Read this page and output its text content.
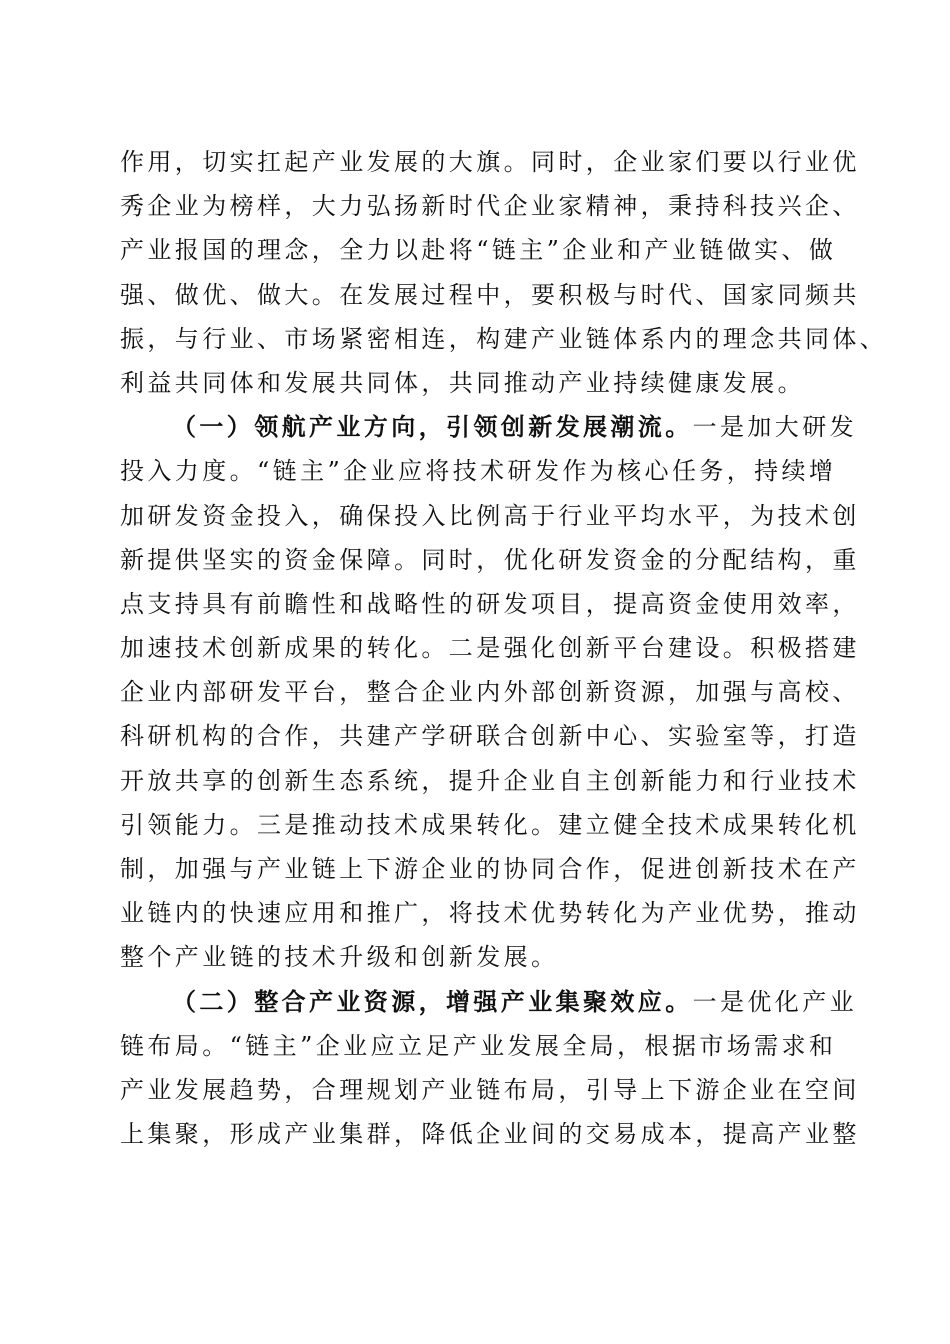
作用，切实扛起产业发展的大旗。同时，企业家们要以行业优
秀企业为榜样，大力弘扬新时代企业家精神，秉持科技兴企、
产业报国的理念，全力以赴将“链主”企业和产业链做实、做
强、做优、做大。在发展过程中，要积极与时代、国家同频共
振，与行业、市场紧密相连，构建产业链体系内的理念共同体、
利益共同体和发展共同体，共同推动产业持续健康发展。
（一）领航产业方向，引领创新发展潮流。一是加大研发
投入力度。“链主”企业应将技术研发作为核心任务，持续增
加研发资金投入，确保投入比例高于行业平均水平，为技术创
新提供坚实的资金保障。同时，优化研发资金的分配结构，重
点支持具有前瞻性和战略性的研发项目，提高资金使用效率，
加速技术创新成果的转化。二是强化创新平台建设。积极搭建
企业内部研发平台，整合企业内外部创新资源，加强与高校、
科研机构的合作，共建产学研联合创新中心、实验室等，打造
开放共享的创新生态系统，提升企业自主创新能力和行业技术
引领能力。三是推动技术成果转化。建立健全技术成果转化机
制，加强与产业链上下游企业的协同合作，促进创新技术在产
业链内的快速应用和推广，将技术优势转化为产业优势，推动
整个产业链的技术升级和创新发展。
（二）整合产业资源，增强产业集聚效应。一是优化产业
链布局。“链主”企业应立足产业发展全局，根据市场需求和
产业发展趋势，合理规划产业链布局，引导上下游企业在空间
上集聚，形成产业集群，降低企业间的交易成本，提高产业整
